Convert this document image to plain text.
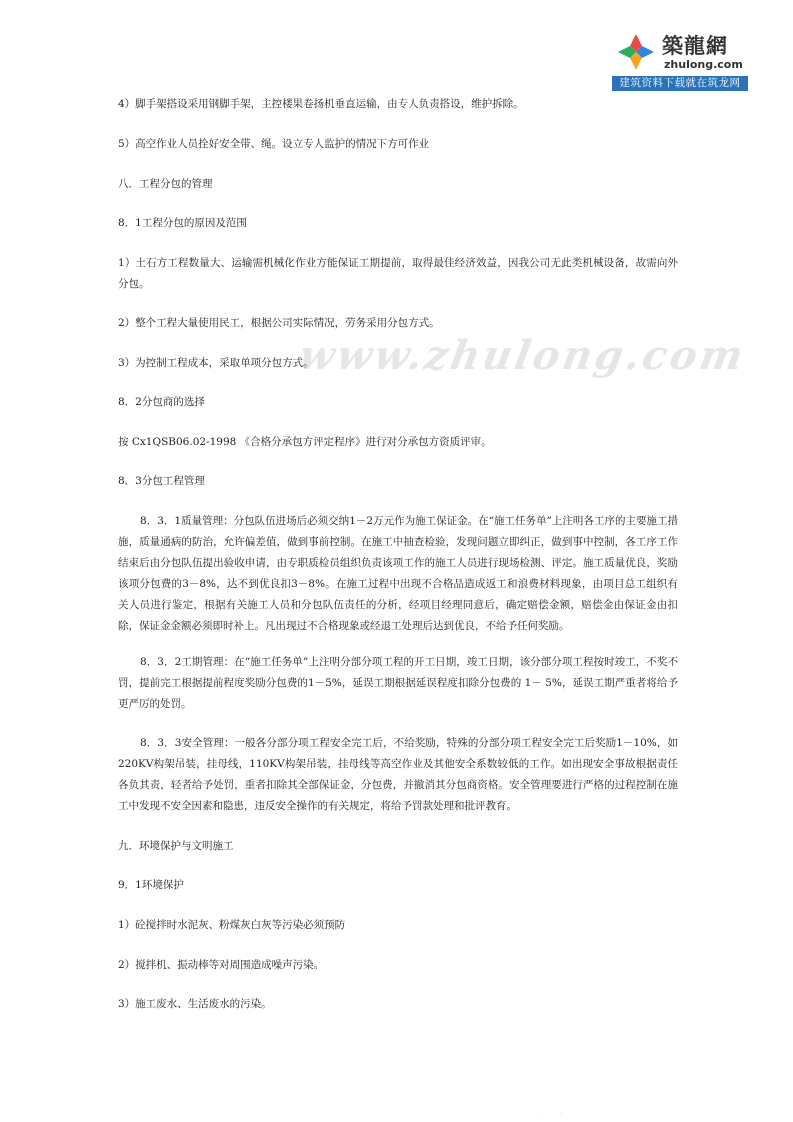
築龍網
zhulong.com
建筑资料下载就在筑龙网
www.zhulong.com
4）脚手架搭设采用钢脚手架，主控楼果卷扬机垂直运输，由专人负责搭设，维护拆除。
5）高空作业人员拴好安全带、绳。设立专人监护的情况下方可作业
八．工程分包的管理
8．1工程分包的原因及范围
1）土石方工程数量大、运输需机械化作业方能保证工期提前，取得最佳经济效益，因我公司无此类机械设备，故需向外分包。
2）整个工程大量使用民工，根据公司实际情况，劳务采用分包方式。
3）为控制工程成本，采取单项分包方式。
8．2分包商的选择
按 Cx1QSB06.02-1998 《合格分承包方评定程序》进行对分承包方资质评审。
8．3分包工程管理
8．3．1质量管理：分包队伍进场后必须交纳1－2万元作为施工保证金。在“施工任务单”上注明各工序的主要施工措施，质量通病的防治，允许偏差值，做到事前控制。在施工中抽查检验，发现问题立即纠正，做到事中控制，各工序工作结束后由分包队伍提出验收申请，由专职质检员组织负责该项工作的施工人员进行现场检测、评定。施工质量优良，奖励该项分包费的3－8%，达不到优良扣3－8%。在施工过程中出现不合格品造成返工和浪费材料现象，由项目总工组织有关人员进行鉴定，根据有关施工人员和分包队伍责任的分析，经项目经理同意后，确定赔偿金额，赔偿金由保证金由扣除，保证金金额必须即时补上。凡出现过不合格现象或经退工处理后达到优良，不给予任何奖励。
8．3．2工期管理：在“施工任务单”上注明分部分项工程的开工日期，竣工日期，该分部分项工程按时竣工，不奖不罚，提前完工根据提前程度奖励分包费的1－5%，延误工期根据延误程度扣除分包费的 1－ 5%，延误工期严重者将给予更严厉的处罚。
8．3．3安全管理：一般各分部分项工程安全完工后，不给奖励，特殊的分部分项工程安全完工后奖励1－10%，如220KV构架吊装，挂母线，110KV构架吊装，挂母线等高空作业及其他安全系数较低的工作。如出现安全事故根据责任各负其责，轻者给予处罚，重者扣除其全部保证金，分包费，并撤消其分包商资格。安全管理要进行严格的过程控制在施工中发现不安全因素和隐患，违反安全操作的有关规定，将给予罚款处理和批评教育。
九．环境保护与文明施工
9．1环境保护
1）砼搅拌时水泥灰、粉煤灰白灰等污染必须预防
2）搅拌机、振动棒等对周围造成噪声污染。
3）施工废水、生活废水的污染。
··
